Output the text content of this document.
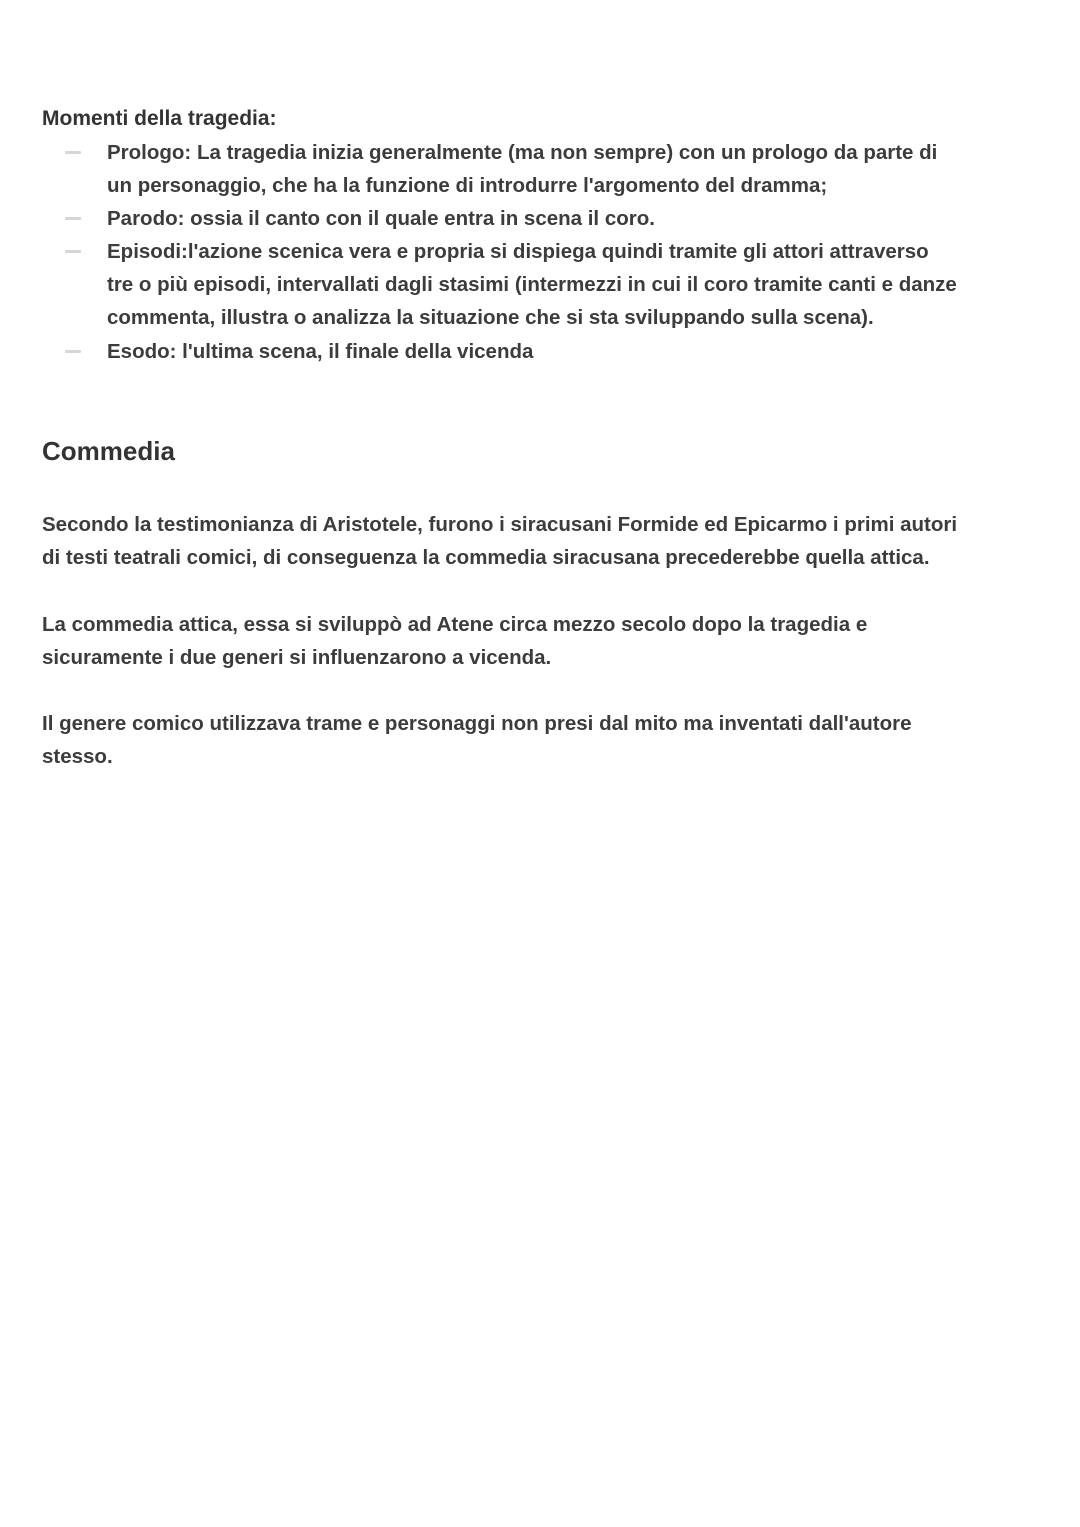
Momenti della tragedia:
Prologo: La tragedia inizia generalmente (ma non sempre) con un prologo da parte di
un personaggio, che ha la funzione di introdurre l'argomento del dramma;
Parodo: ossia il canto con il quale entra in scena il coro.
Episodi:l'azione scenica vera e propria si dispiega quindi tramite gli attori attraverso
tre o più episodi, intervallati dagli stasimi (intermezzi in cui il coro tramite canti e danze
commenta, illustra o analizza la situazione che si sta sviluppando sulla scena).
Esodo: l'ultima scena, il finale della vicenda
Commedia
Secondo la testimonianza di Aristotele, furono i siracusani Formide ed Epicarmo i primi autori
di testi teatrali comici, di conseguenza la commedia siracusana precederebbe quella attica.
La commedia attica, essa si sviluppò ad Atene circa mezzo secolo dopo la tragedia e
sicuramente i due generi si influenzarono a vicenda.
Il genere comico utilizzava trame e personaggi non presi dal mito ma inventati dall'autore
stesso.
